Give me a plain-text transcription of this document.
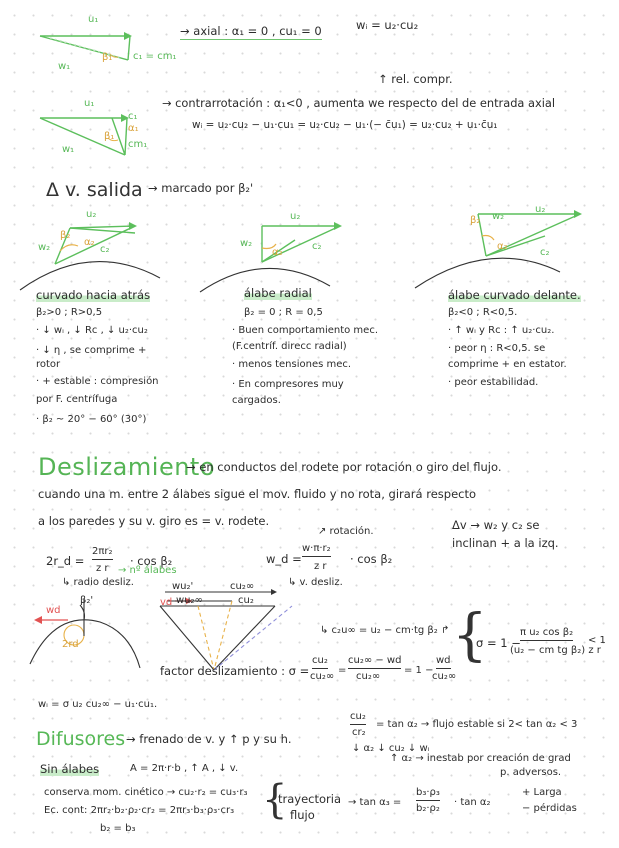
u₁
β₁
w₁
c₁ = cm₁
→ axial : α₁ = 0 , cu₁ = 0	wᵢ = u₂·cu₂
u₁
β₁
α₁
c₁
cm₁
w₁
↑ rel. compr.
→ contrarrotación : α₁<0 , aumenta we respecto del de entrada axial
wᵢ = u₂·cu₂ − u₁·cu₁ = u₂·cu₂ − u₁·(− c̄u₁) = u₂·cu₂ + u₁·c̄u₁
Δ v. salida → marcado por β₂'
u₂
w₂	c₂
β₂
α₂
u₂
w₂	c₂
α₂
u₂
w₂
c₂
β₂
α₂
curvado hacia atrás
β₂>0 ; R>0,5
· ↓ wᵢ , ↓ Rc , ↓ u₂·cu₂
· ↓ η , se comprime +
rotor
· + estable : compresión
por F. centrífuga
· β₂ ~ 20° − 60° (30°)
álabe radial
β₂ = 0 ; R = 0,5
· Buen comportamiento mec.
(F.centríf. direcc radial)
· menos tensiones mec.
· En compresores muy
cargados.
álabe curvado delante.
β₂<0 ; R<0,5.
· ↑ wᵢ y Rc : ↑ u₂·cu₂.
· peor η : R<0,5. se
comprime + en estator.
· peor estabilidad.
Deslizamiento
→ en conductos del rodete por rotación o giro del flujo.
cuando una m. entre 2 álabes sigue el mov. fluido y no rota, girará respecto
a los paredes y su v. giro es = v. rodete.
↗ rotación.	Δv → w₂ y c₂ se
inclinan + a la izq.
2r_d =
2πr₂
z r
· cos β₂
→ nº álabes
↳ radio desliz.
w_d =
w·π·r₂
z r
· cos β₂
↳ v. desliz.
wd
β₂'
2rd
wu₂'
wu₂∞
cu₂∞
cu₂
vd
↳ c₂u∞ = u₂ − cm·tg β₂ ↱
factor deslizamiento : σ =
cu₂
cu₂∞
=
cu₂∞ − wd
cu₂∞
= 1 −
wd
cu₂∞
{
σ = 1 −
π u₂ cos β₂
(u₂ − cm tg β₂) z r
< 1
wᵢ = σ u₂ cu₂∞ − u₁·cu₁.
Difusores → frenado de v. y ↑ p y su h.
cu₂
cr₂
= tan α₂ → flujo estable si 2< tan α₂ < 3
↓ α₂ ↓ cu₂ ↓ wᵢ
↑ α₂ → inestab por creación de grad
p. adversos.
Sin álabes	A = 2π·r·b , ↑ A , ↓ v.
conserva mom. cinético → cu₂·r₂ = cu₃·r₃
Ec. cont: 2πr₂·b₂·ρ₂·cr₂ = 2πr₃·b₃·ρ₃·cr₃
b₂ = b₃
{
trayectoria
flujo
→ tan α₃ =
b₃·ρ₃
b₂·ρ₂
· tan α₂
+ Larga
− pérdidas
